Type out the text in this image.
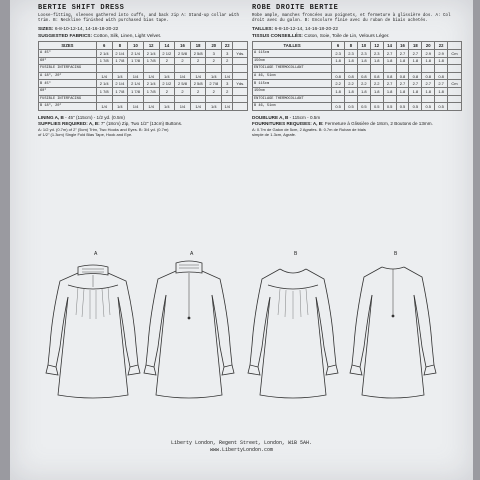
BERTIE SHIFT DRESS
Loose-fitting, sleeves gathered into cuffs, and back zip A: Stand-up collar with trim. B: Neckline finished with purchased bias tape.
SIZES: 6-8-10-12-14, 14-16-18-20-22
SUGGESTED FABRICS: Cotton, Silk, Linen, Light Velvet.
SIZES	6	8	10	12	14	16	18	20	22	
A 45"	2 1/4	2 1/4	2 1/4	2 1/4	2 1/2	2 5/8	2 5/8	3	3	Yds.
60"	1 7/8	1 7/8	1 7/8	1 7/8	2	2	2	2	2	
FUSIBLE INTERFACING										
A 18", 20"	1/4	1/4	1/4	1/4	1/4	1/4	1/4	1/4	1/4	
B 45"	2 1/4	2 1/4	2 1/4	2 1/4	2 1/2	2 5/8	2 5/8	2 7/8	3	Yds.
60"	1 7/8	1 7/8	1 7/8	1 7/8	2	2	2	2	2	
FUSIBLE INTERFACING										
B 18", 20"	1/4	1/4	1/4	1/4	1/4	1/4	1/4	1/4	1/4	

LINING A, B - 45" (115cm) - 1/2 yd. (0.5m)

SUPPLIES REQUIRED: A, B: 7" (18cm) Zip, Two 1/2" (13cm) Buttons.

A: 1/2 yd. (0.7m) of 2" (5cm) Trim, Two Hooks and Eyes. B: 3/4 yd. (0.7m)

of 1/2" (1.3cm) Single Fold Bias Tape, Hook and Eye.

ROBE DROITE BERTIE
Robe ample, manches froncées aux poignets, et fermeture à glissière dos. A: Col droit avec du galon. B: Encolure finie avec du ruban de biais achetés.
TAILLES: 6-8-10-12-14, 14-16-18-20-22
TISSUS CONSEILLÉS: Coton, Soie, Toile de Lin, Velours Léger.
TAILLES	6	8	10	12	14	16	18	20	22	
A 115cm	2.3	2.3	2.3	2.3	2.7	2.7	2.7	2.9	2.9	Cm
150cm	1.8	1.8	1.8	1.8	1.8	1.8	1.8	1.8	1.8	
ENTOILAGE THERMOCOLLANT										
A 46, 51cm	0.8	0.8	0.8	0.8	0.8	0.8	0.8	0.8	0.8	
B 115cm	2.2	2.2	2.2	2.2	2.7	2.7	2.7	2.7	2.7	Cm
150cm	1.8	1.8	1.8	1.8	1.8	1.8	1.8	1.8	1.8	
ENTOILAGE THERMOCOLLANT										
B 46, 51cm	0.5	0.5	0.5	0.5	0.5	0.5	0.5	0.5	0.5	

DOUBLURE A, B - 115cm - 0.5m

FOURNITURES REQUISES: A, B: Fermeture à Glissière de 18cm, 2 Boutons de 13mm.

A: 0.7m de Galon de 5cm, 2 Agrafes. B: 0.7m de Ruban de biais

simple de 1.3cm, Agrafe.

A	A	B	B
Liberty London, Regent Street, London, W1B 5AH.
www.LibertyLondon.com
